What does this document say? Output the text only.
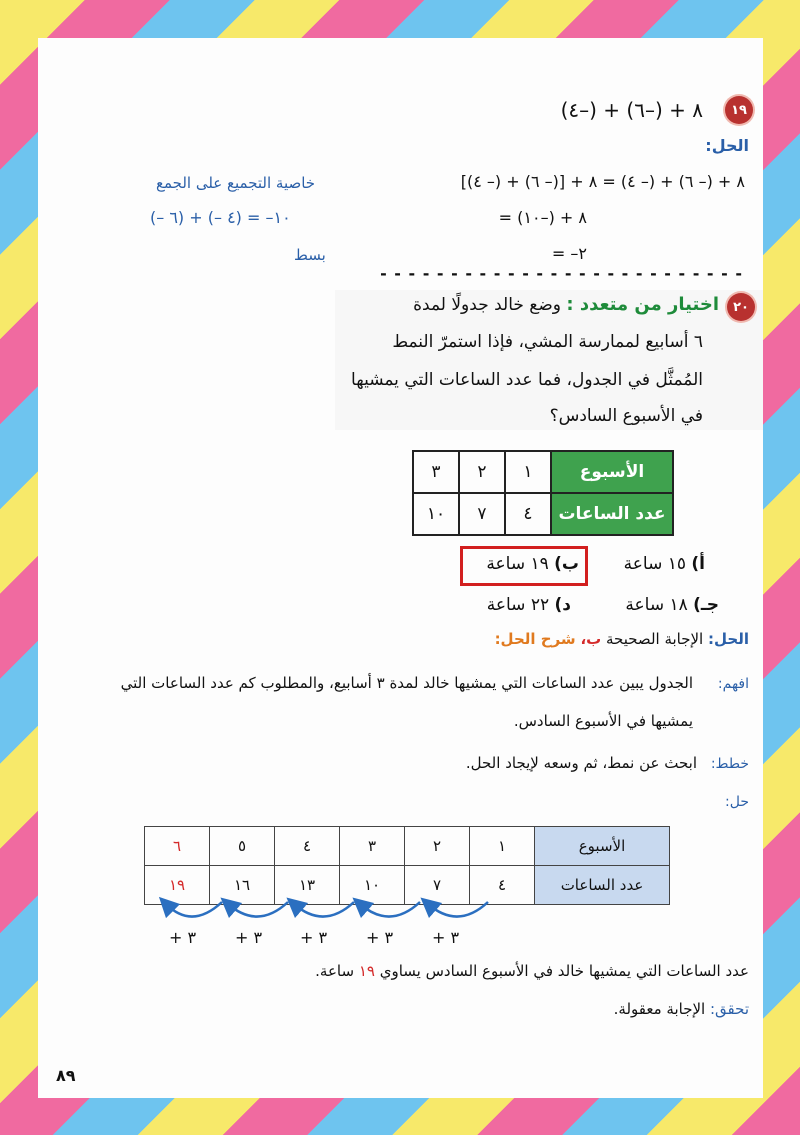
١٩
٨ + (–٦) + (–٤)
الحل:
٨ + (– ٦) + (– ٤) = ٨ + [(– ٦) + (– ٤)]
خاصية التجميع على الجمع
= ٨ + (–١٠)
(– ٦) + (– ٤) = –١٠
= –٢
بسط
- - - - - - - - - - - - - - - - - - - - - - - - - -
٢٠
اختيار من متعدد : وضع خالد جدولًا لمدة
٦ أسابيع لممارسة المشي، فإذا استمرّ النمط
المُمثَّل في الجدول، فما عدد الساعات التي يمشيها
في الأسبوع السادس؟
الأسبوع	١	٢	٣
عدد الساعات	٤	٧	١٠
أ) ١٥ ساعة
ب) ١٩ ساعة
جـ) ١٨ ساعة
د) ٢٢ ساعة
الحل: الإجابة الصحيحة ب، شرح الحل:
افهم:
الجدول يبين عدد الساعات التي يمشيها خالد لمدة ٣ أسابيع، والمطلوب كم عدد الساعات التي
يمشيها في الأسبوع السادس.
خطط:
ابحث عن نمط، ثم وسعه لإيجاد الحل.
حل:
الأسبوع	١	٢	٣	٤	٥	٦
عدد الساعات	٤	٧	١٠	١٣	١٦	١٩
+ ٣ + ٣ + ٣ + ٣ + ٣
عدد الساعات التي يمشيها خالد في الأسبوع السادس يساوي ١٩ ساعة.
تحقق: الإجابة معقولة.
٨٩
